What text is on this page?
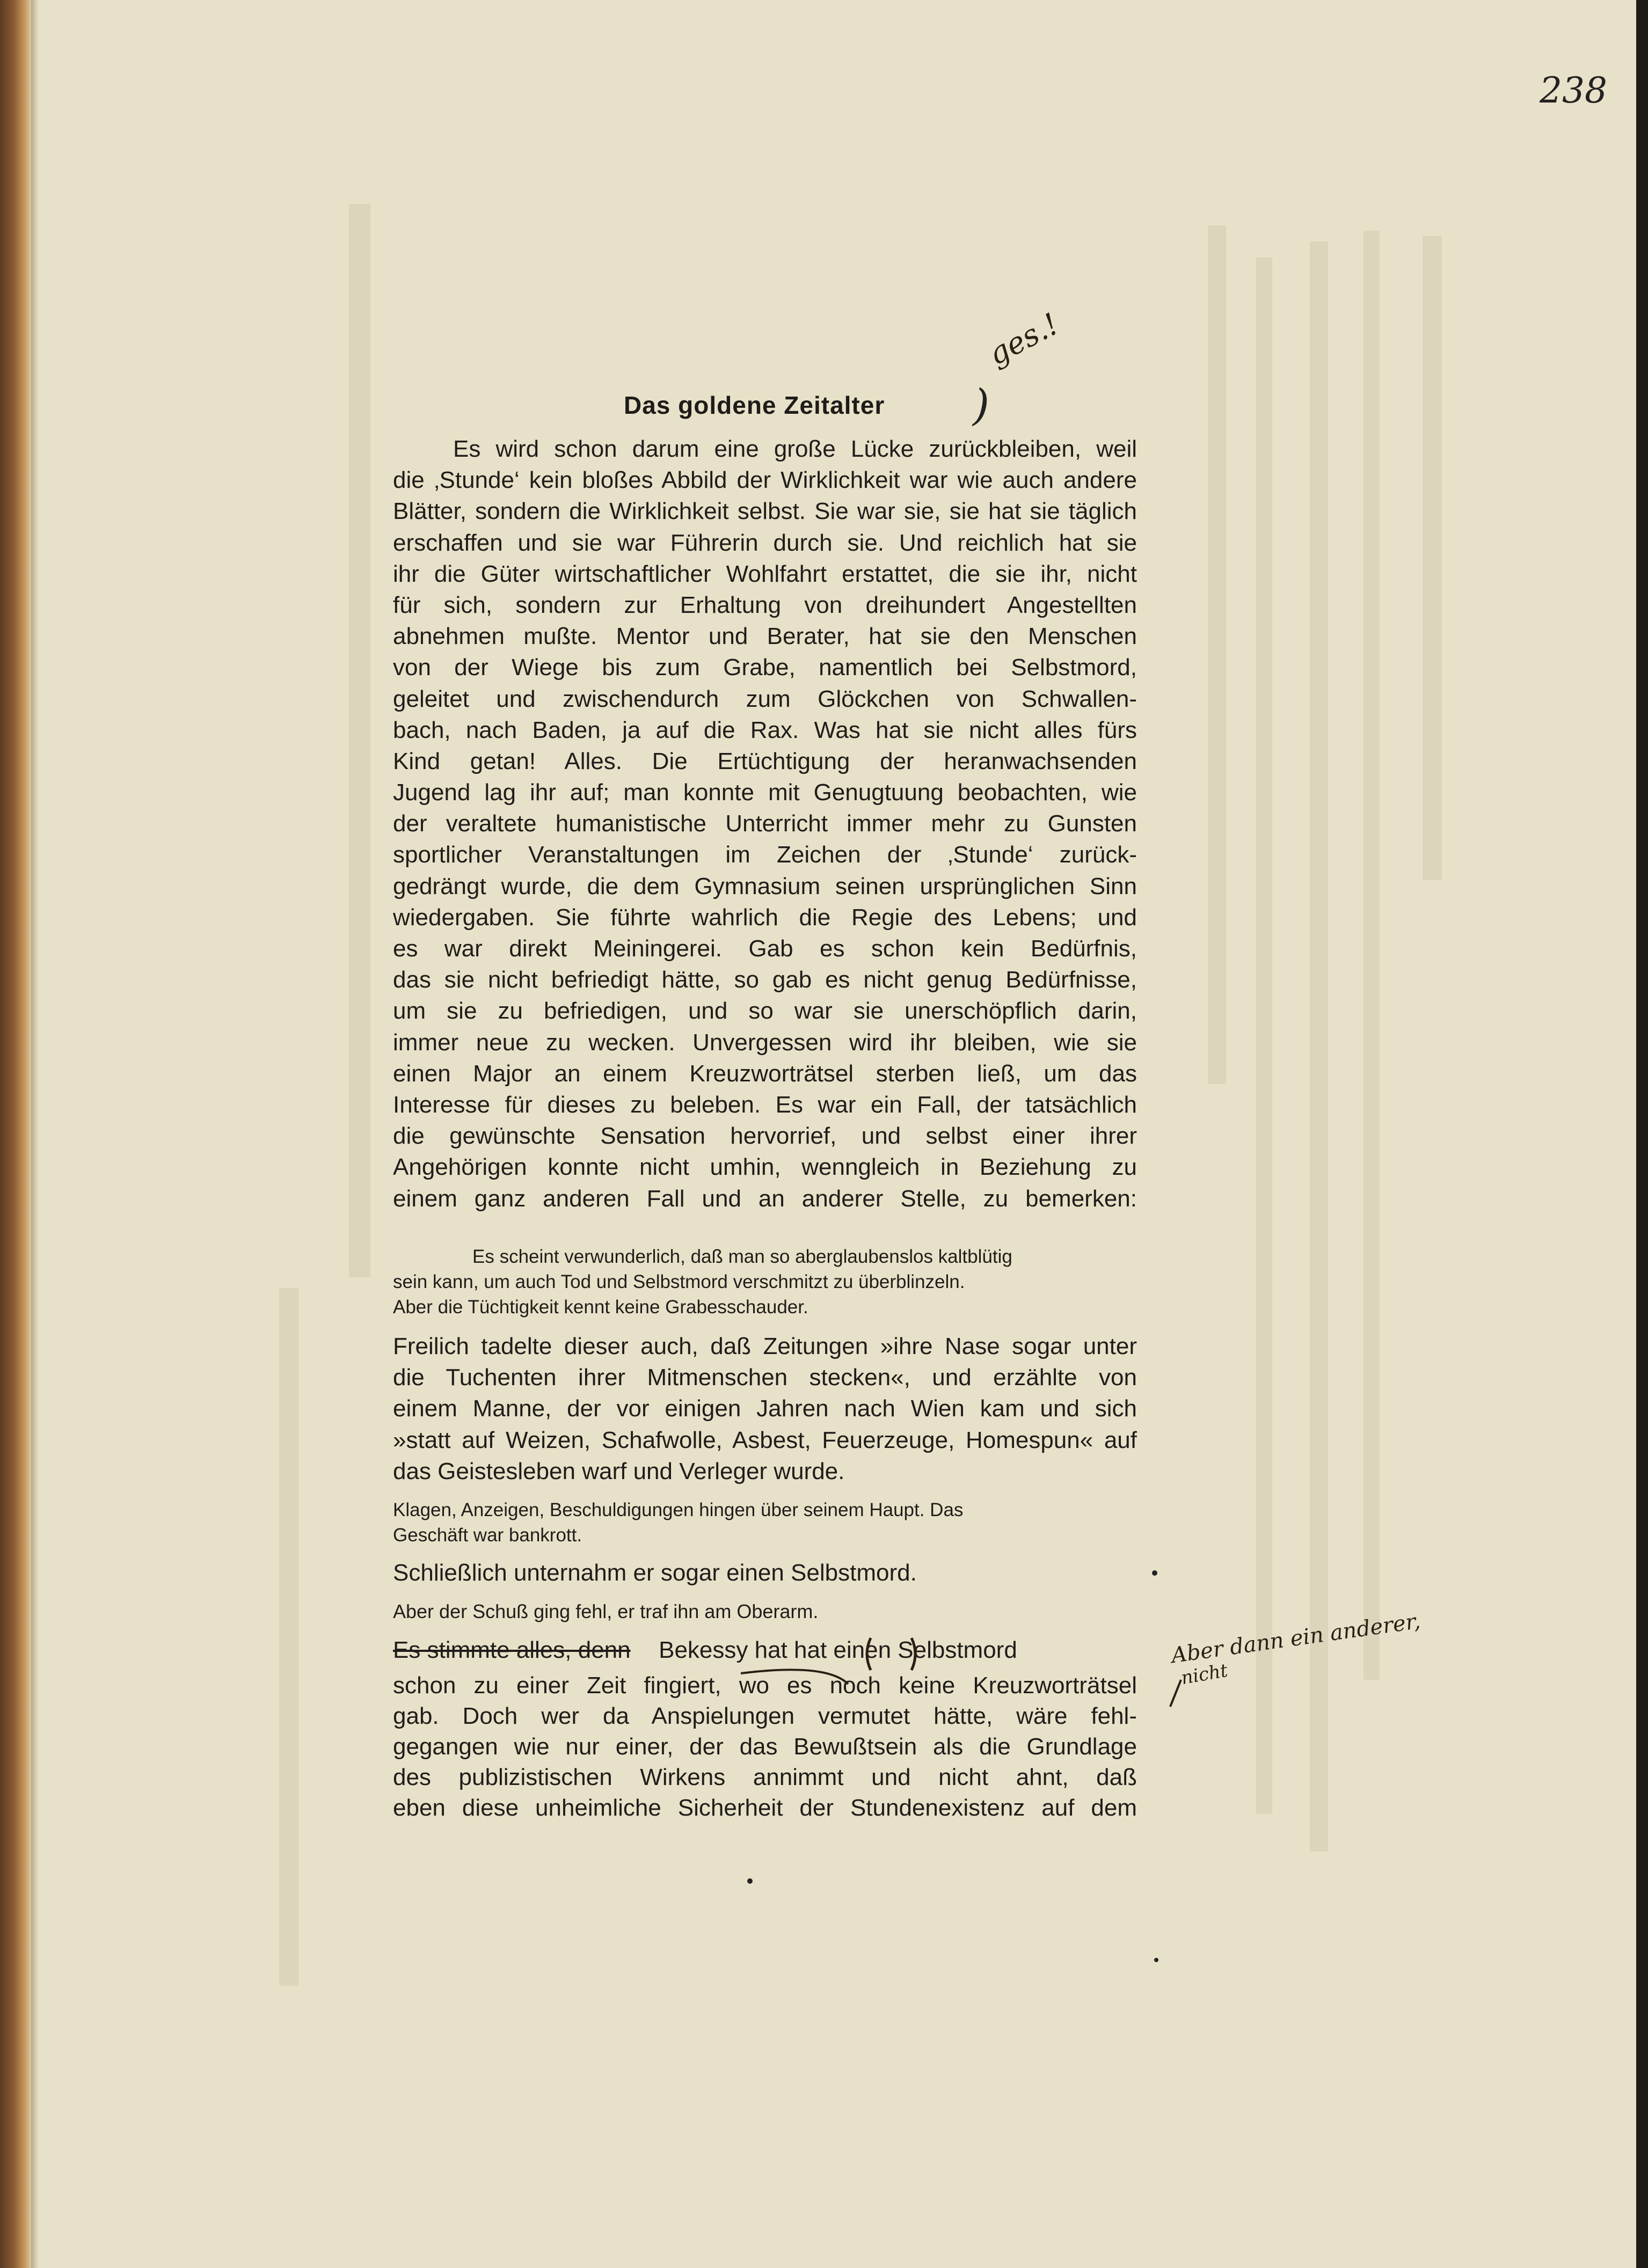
238
ges.!
Das goldene Zeitalter )
Es wird schon darum eine große Lücke zurückbleiben, weil
die ‚Stunde‘ kein bloßes Abbild der Wirklichkeit war wie auch andere
Blätter, sondern die Wirklichkeit selbst. Sie war sie, sie hat sie täglich
erschaffen und sie war Führerin durch sie. Und reichlich hat sie
ihr die Güter wirtschaftlicher Wohlfahrt erstattet, die sie ihr, nicht
für sich, sondern zur Erhaltung von dreihundert Angestellten
abnehmen mußte. Mentor und Berater, hat sie den Menschen
von der Wiege bis zum Grabe, namentlich bei Selbstmord,
geleitet und zwischendurch zum Glöckchen von Schwallen-
bach, nach Baden, ja auf die Rax. Was hat sie nicht alles fürs
Kind getan! Alles. Die Ertüchtigung der heranwachsenden
Jugend lag ihr auf; man konnte mit Genugtuung beobachten, wie
der veraltete humanistische Unterricht immer mehr zu Gunsten
sportlicher Veranstaltungen im Zeichen der ‚Stunde‘ zurück-
gedrängt wurde, die dem Gymnasium seinen ursprünglichen Sinn
wiedergaben. Sie führte wahrlich die Regie des Lebens; und
es war direkt Meiningerei. Gab es schon kein Bedürfnis,
das sie nicht befriedigt hätte, so gab es nicht genug Bedürfnisse,
um sie zu befriedigen, und so war sie unerschöpflich darin,
immer neue zu wecken. Unvergessen wird ihr bleiben, wie sie
einen Major an einem Kreuzworträtsel sterben ließ, um das
Interesse für dieses zu beleben. Es war ein Fall, der tatsächlich
die gewünschte Sensation hervorrief, und selbst einer ihrer
Angehörigen konnte nicht umhin, wenngleich in Beziehung zu
einem ganz anderen Fall und an anderer Stelle, zu bemerken:
Es scheint verwunderlich, daß man so aberglaubenslos kaltblütig
sein kann, um auch Tod und Selbstmord verschmitzt zu überblinzeln.
Aber die Tüchtigkeit kennt keine Grabesschauder.
Freilich tadelte dieser auch, daß Zeitungen »ihre Nase sogar unter
die Tuchenten ihrer Mitmenschen stecken«, und erzählte von
einem Manne, der vor einigen Jahren nach Wien kam und sich
»statt auf Weizen, Schafwolle, Asbest, Feuerzeuge, Homespun« auf
das Geistesleben warf und Verleger wurde.
Klagen, Anzeigen, Beschuldigungen hingen über seinem Haupt. Das
Geschäft war bankrott.
Schließlich unternahm er sogar einen Selbstmord.
Aber der Schuß ging fehl, er traf ihn am Oberarm.
Es stimmte alles, denn Bekessy hat hat einen Selbstmord
schon zu einer Zeit fingiert, wo es noch keine Kreuzworträtsel
gab. Doch wer da Anspielungen vermutet hätte, wäre fehl-
gegangen wie nur einer, der das Bewußtsein als die Grundlage
des publizistischen Wirkens annimmt und nicht ahnt, daß
eben diese unheimliche Sicherheit der Stundenexistenz auf dem
Aber dann ein anderer,
nicht
